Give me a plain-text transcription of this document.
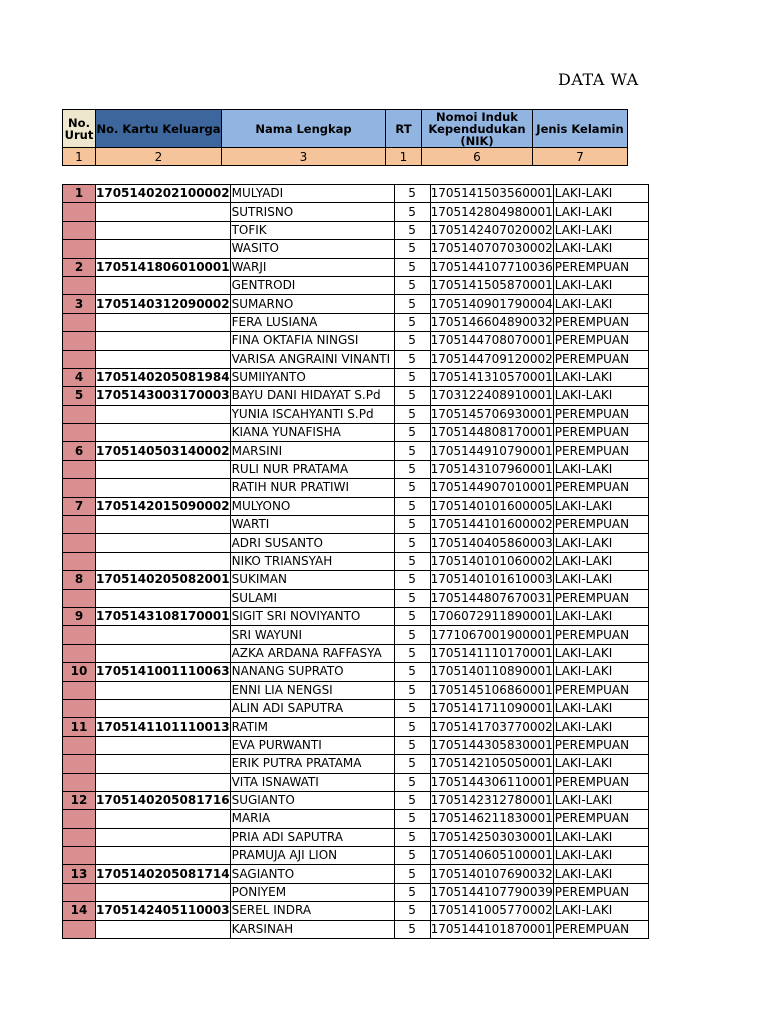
DATA WA
No. Urut	No. Kartu Keluarga	Nama Lengkap	RT	Nomoi Induk Kependudukan (NIK)	Jenis Kelamin
1	2	3	1	6	7
1	1705140202100002	MULYADI	5	1705141503560001	LAKI-LAKI
		SUTRISNO	5	1705142804980001	LAKI-LAKI
		TOFIK	5	1705142407020002	LAKI-LAKI
		WASITO	5	1705140707030002	LAKI-LAKI
2	1705141806010001	WARJI	5	1705144107710036	PEREMPUAN
		GENTRODI	5	1705141505870001	LAKI-LAKI
3	1705140312090002	SUMARNO	5	1705140901790004	LAKI-LAKI
		FERA LUSIANA	5	1705146604890032	PEREMPUAN
		FINA OKTAFIA NINGSI	5	1705144708070001	PEREMPUAN
		VARISA ANGRAINI VINANTI	5	1705144709120002	PEREMPUAN
4	1705140205081984	SUMIIYANTO	5	1705141310570001	LAKI-LAKI
5	1705143003170003	BAYU DANI HIDAYAT S.Pd	5	1703122408910001	LAKI-LAKI
		YUNIA ISCAHYANTI S.Pd	5	1705145706930001	PEREMPUAN
		KIANA YUNAFISHA	5	1705144808170001	PEREMPUAN
6	1705140503140002	MARSINI	5	1705144910790001	PEREMPUAN
		RULI NUR PRATAMA	5	1705143107960001	LAKI-LAKI
		RATIH NUR PRATIWI	5	1705144907010001	PEREMPUAN
7	1705142015090002	MULYONO	5	1705140101600005	LAKI-LAKI
		WARTI	5	1705144101600002	PEREMPUAN
		ADRI SUSANTO	5	1705140405860003	LAKI-LAKI
		NIKO TRIANSYAH	5	1705140101060002	LAKI-LAKI
8	1705140205082001	SUKIMAN	5	1705140101610003	LAKI-LAKI
		SULAMI	5	1705144807670031	PEREMPUAN
9	1705143108170001	SIGIT SRI NOVIYANTO	5	1706072911890001	LAKI-LAKI
		SRI WAYUNI	5	1771067001900001	PEREMPUAN
		AZKA ARDANA RAFFASYA	5	1705141110170001	LAKI-LAKI
10	1705141001110063	NANANG SUPRATO	5	1705140110890001	LAKI-LAKI
		ENNI LIA NENGSI	5	1705145106860001	PEREMPUAN
		ALIN ADI SAPUTRA	5	1705141711090001	LAKI-LAKI
11	1705141101110013	RATIM	5	1705141703770002	LAKI-LAKI
		EVA PURWANTI	5	1705144305830001	PEREMPUAN
		ERIK PUTRA PRATAMA	5	1705142105050001	LAKI-LAKI
		VITA ISNAWATI	5	1705144306110001	PEREMPUAN
12	1705140205081716	SUGIANTO	5	1705142312780001	LAKI-LAKI
		MARIA	5	1705146211830001	PEREMPUAN
		PRIA ADI SAPUTRA	5	1705142503030001	LAKI-LAKI
		PRAMUJA AJI LION	5	1705140605100001	LAKI-LAKI
13	1705140205081714	SAGIANTO	5	1705140107690032	LAKI-LAKI
		PONIYEM	5	1705144107790039	PEREMPUAN
14	1705142405110003	SEREL INDRA	5	1705141005770002	LAKI-LAKI
		KARSINAH	5	1705144101870001	PEREMPUAN
